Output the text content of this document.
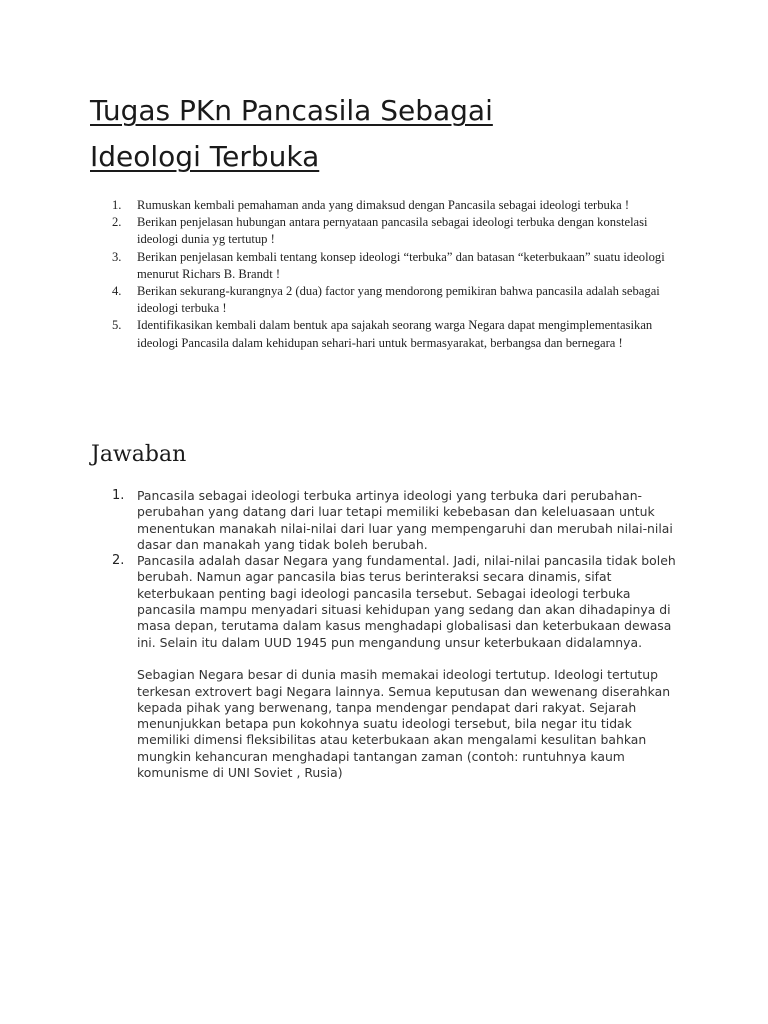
Tugas PKn Pancasila Sebagai
Ideologi Terbuka
1. Rumuskan kembali pemahaman anda yang dimaksud dengan Pancasila sebagai ideologi terbuka !
2. Berikan penjelasan hubungan antara pernyataan pancasila sebagai ideologi terbuka dengan konstelasi ideologi dunia yg tertutup !
3. Berikan penjelasan kembali tentang konsep ideologi “terbuka” dan batasan “keterbukaan” suatu ideologi menurut Richars B. Brandt !
4. Berikan sekurang-kurangnya 2 (dua) factor yang mendorong pemikiran bahwa pancasila adalah sebagai ideologi terbuka !
5. Identifikasikan kembali dalam bentuk apa sajakah seorang warga Negara dapat mengimplementasikan ideologi Pancasila dalam kehidupan sehari-hari untuk bermasyarakat, berbangsa dan bernegara !
Jawaban
1. Pancasila sebagai ideologi terbuka artinya ideologi yang terbuka dari perubahan-perubahan yang datang dari luar tetapi memiliki kebebasan dan keleluasaan untuk menentukan manakah nilai-nilai dari luar yang mempengaruhi dan merubah nilai-nilai dasar dan manakah yang tidak boleh berubah.

2. Pancasila adalah dasar Negara yang fundamental. Jadi, nilai-nilai pancasila tidak boleh berubah. Namun agar pancasila bias terus berinteraksi secara dinamis, sifat keterbukaan penting bagi ideologi pancasila tersebut. Sebagai ideologi terbuka pancasila mampu menyadari situasi kehidupan yang sedang dan akan dihadapinya di masa depan, terutama dalam kasus menghadapi globalisasi dan keterbukaan dewasa ini. Selain itu dalam UUD 1945 pun mengandung unsur keterbukaan didalamnya.

Sebagian Negara besar di dunia masih memakai ideologi tertutup. Ideologi tertutup terkesan extrovert bagi Negara lainnya. Semua keputusan dan wewenang diserahkan kepada pihak yang berwenang, tanpa mendengar pendapat dari rakyat. Sejarah menunjukkan betapa pun kokohnya suatu ideologi tersebut, bila negar itu tidak memiliki dimensi fleksibilitas atau keterbukaan akan mengalami kesulitan bahkan mungkin kehancuran menghadapi tantangan zaman (contoh: runtuhnya kaum komunisme di UNI Soviet , Rusia)
